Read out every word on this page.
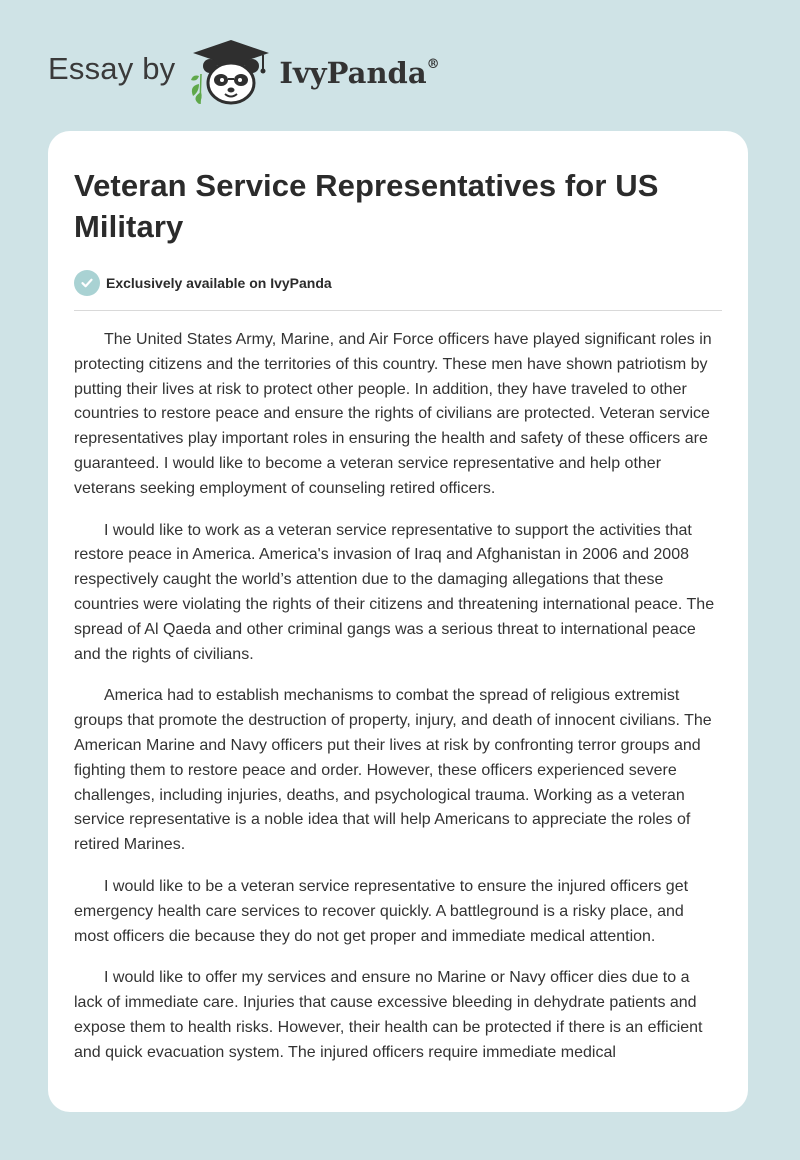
Essay by	IvyPanda®
Veteran Service Representatives for US Military
Exclusively available on IvyPanda

The United States Army, Marine, and Air Force officers have played significant roles in protecting citizens and the territories of this country. These men have shown patriotism by putting their lives at risk to protect other people. In addition, they have traveled to other countries to restore peace and ensure the rights of civilians are protected. Veteran service representatives play important roles in ensuring the health and safety of these officers are guaranteed. I would like to become a veteran service representative and help other veterans seeking employment of counseling retired officers.

I would like to work as a veteran service representative to support the activities that restore peace in America. America's invasion of Iraq and Afghanistan in 2006 and 2008 respectively caught the world’s attention due to the damaging allegations that these countries were violating the rights of their citizens and threatening international peace. The spread of Al Qaeda and other criminal gangs was a serious threat to international peace and the rights of civilians.

America had to establish mechanisms to combat the spread of religious extremist groups that promote the destruction of property, injury, and death of innocent civilians. The American Marine and Navy officers put their lives at risk by confronting terror groups and fighting them to restore peace and order. However, these officers experienced severe challenges, including injuries, deaths, and psychological trauma. Working as a veteran service representative is a noble idea that will help Americans to appreciate the roles of retired Marines.

I would like to be a veteran service representative to ensure the injured officers get emergency health care services to recover quickly. A battleground is a risky place, and most officers die because they do not get proper and immediate medical attention.

I would like to offer my services and ensure no Marine or Navy officer dies due to a lack of immediate care. Injuries that cause excessive bleeding in dehydrate patients and expose them to health risks. However, their health can be protected if there is an efficient and quick evacuation system. The injured officers require immediate medical
